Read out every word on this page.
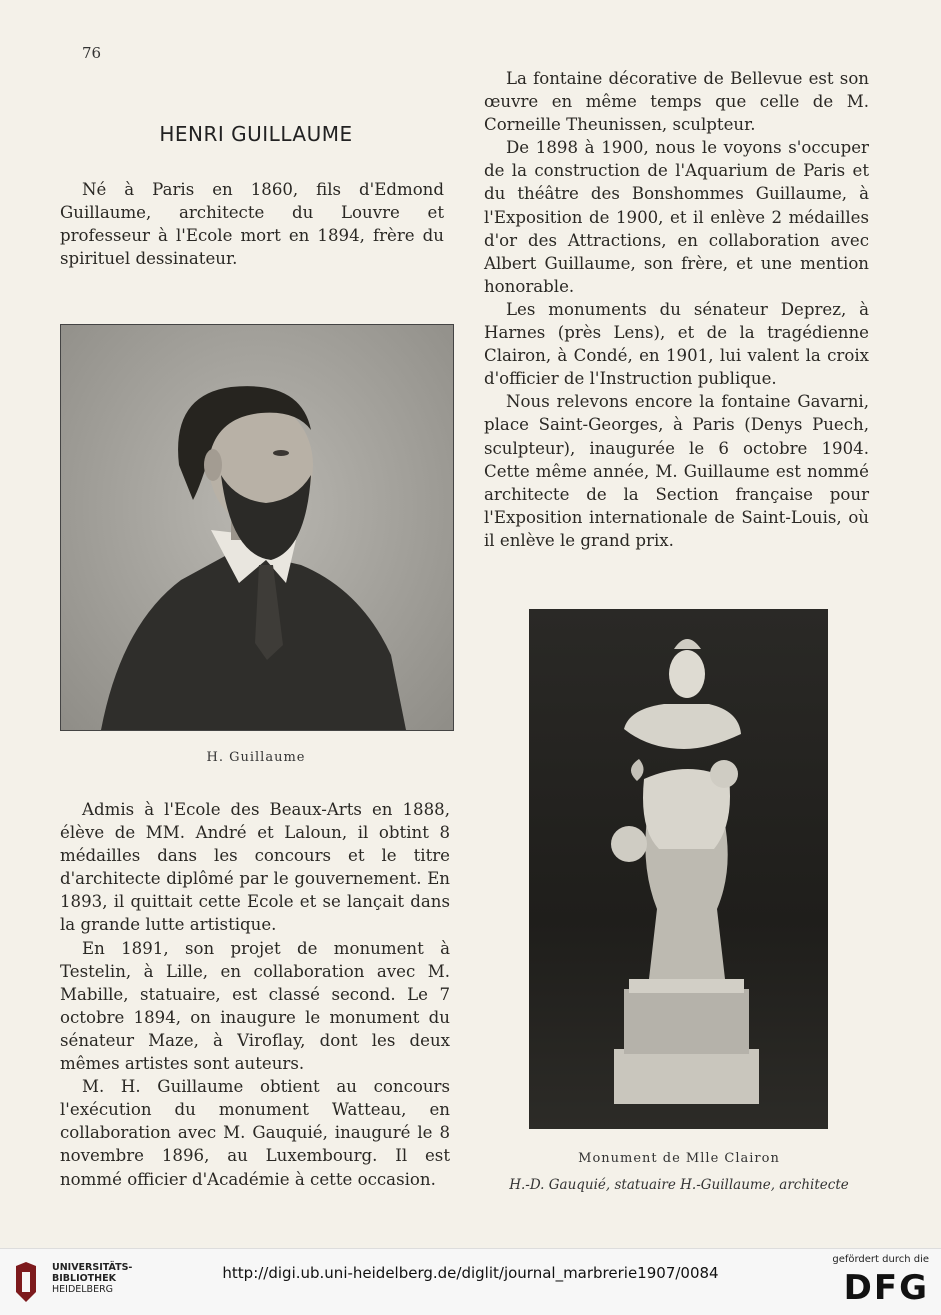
76
HENRI GUILLAUME

Né à Paris en 1860, fils d'Edmond Guillaume, architecte du Louvre et professeur à l'Ecole mort en 1894, frère du spirituel dessinateur.

H. Guillaume

Admis à l'Ecole des Beaux-Arts en 1888, élève de MM. André et Laloun, il obtint 8 médailles dans les concours et le titre d'architecte diplômé par le gouvernement. En 1893, il quittait cette Ecole et se lançait dans la grande lutte artistique.

En 1891, son projet de monument à Testelin, à Lille, en collaboration avec M. Mabille, statuaire, est classé second. Le 7 octobre 1894, on inaugure le monument du sénateur Maze, à Viroflay, dont les deux mêmes artistes sont auteurs.

M. H. Guillaume obtient au concours l'exécution du monument Watteau, en collaboration avec M. Gauquié, inauguré le 8 novembre 1896, au Luxembourg. Il est nommé officier d'Académie à cette occasion.

La fontaine décorative de Bellevue est son œuvre en même temps que celle de M. Corneille Theunissen, sculpteur.

De 1898 à 1900, nous le voyons s'occuper de la construction de l'Aquarium de Paris et du théâtre des Bonshommes Guillaume, à l'Exposition de 1900, et il enlève 2 médailles d'or des Attractions, en collaboration avec Albert Guillaume, son frère, et une mention honorable.

Les monuments du sénateur Deprez, à Harnes (près Lens), et de la tragédienne Clairon, à Condé, en 1901, lui valent la croix d'officier de l'Instruction publique.

Nous relevons encore la fontaine Gavarni, place Saint-Georges, à Paris (Denys Puech, sculpteur), inaugurée le 6 octobre 1904. Cette même année, M. Guillaume est nommé architecte de la Section française pour l'Exposition internationale de Saint-Louis, où il enlève le grand prix.

Monument de Mlle Clairon
H.-D. Gauquié, statuaire H.-Guillaume, architecte
UNIVERSITÄTS-
BIBLIOTHEK
HEIDELBERG
http://digi.ub.uni-heidelberg.de/diglit/journal_marbrerie1907/0084
gefördert durch die
DFG
